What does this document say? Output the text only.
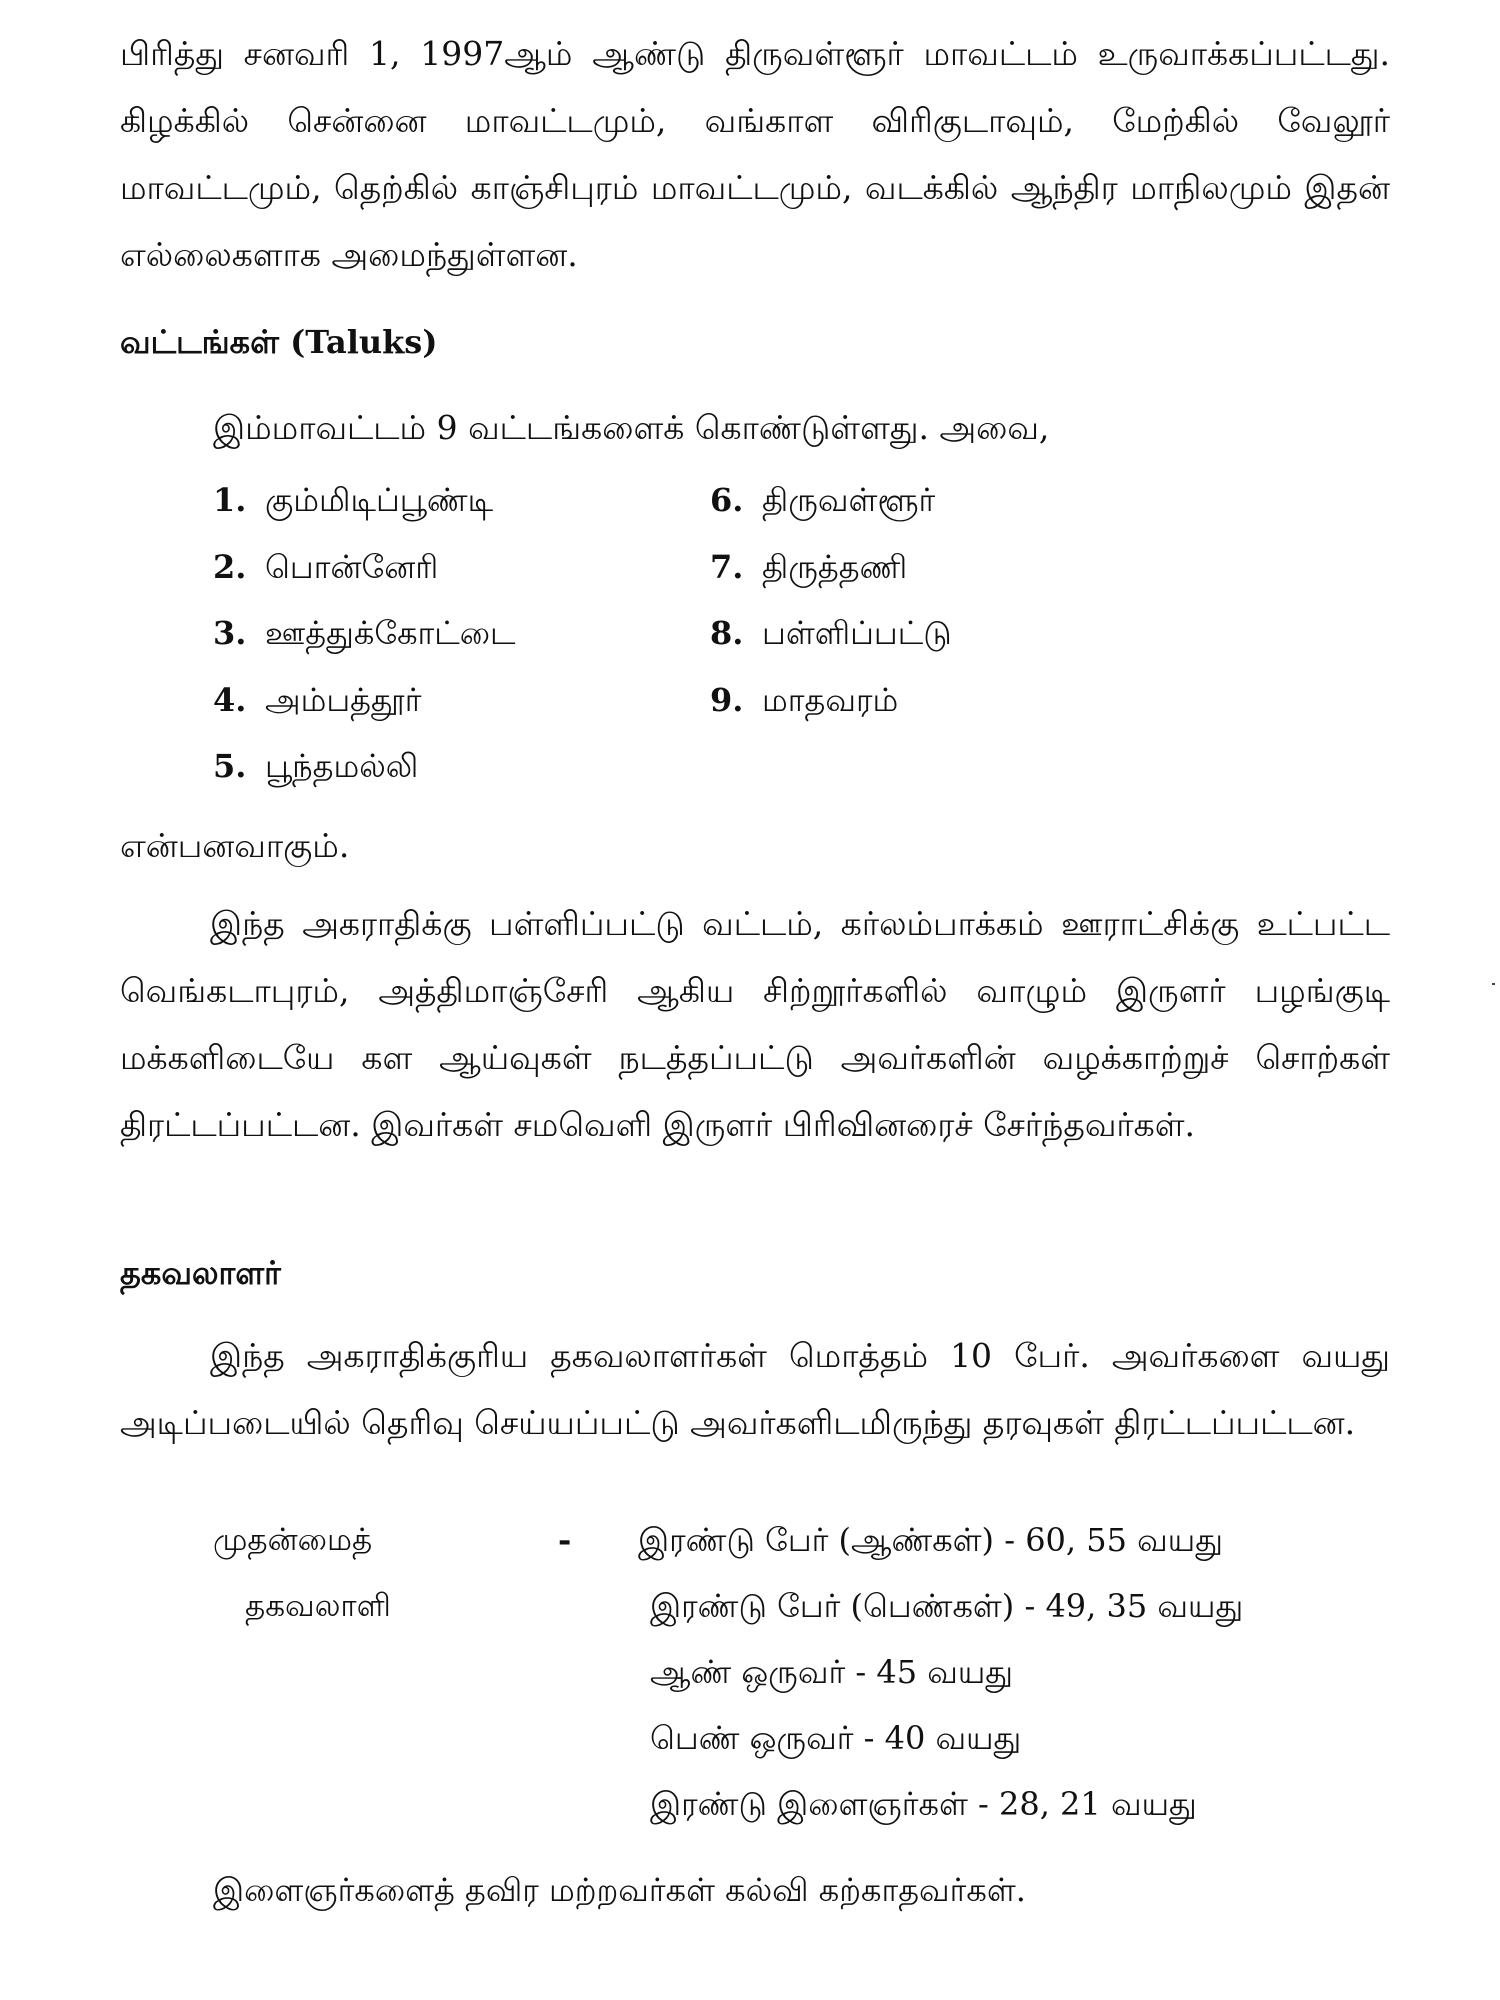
பிரித்து சனவரி 1, 1997ஆம் ஆண்டு திருவள்ளூர் மாவட்டம் உருவாக்கப்பட்டது. கிழக்கில் சென்னை மாவட்டமும், வங்காள விரிகுடாவும், மேற்கில் வேலூர் மாவட்டமும், தெற்கில் காஞ்சிபுரம் மாவட்டமும், வடக்கில் ஆந்திர மாநிலமும் இதன் எல்லைகளாக அமைந்துள்ளன.

வட்டங்கள் (Taluks)

இம்மாவட்டம் 9 வட்டங்களைக் கொண்டுள்ளது. அவை,

1. கும்மிடிப்பூண்டி
2. பொன்னேரி
3. ஊத்துக்கோட்டை
4. அம்பத்தூர்
5. பூந்தமல்லி
6. திருவள்ளூர்
7. திருத்தணி
8. பள்ளிப்பட்டு
9. மாதவரம்

என்பனவாகும்.

இந்த அகராதிக்கு பள்ளிப்பட்டு வட்டம், கர்லம்பாக்கம் ஊராட்சிக்கு உட்பட்ட வெங்கடாபுரம், அத்திமாஞ்சேரி ஆகிய சிற்றூர்களில் வாழும் இருளர் பழங்குடி மக்களிடையே கள ஆய்வுகள் நடத்தப்பட்டு அவர்களின் வழக்காற்றுச் சொற்கள் திரட்டப்பட்டன. இவர்கள் சமவெளி இருளர் பிரிவினரைச் சேர்ந்தவர்கள்.

தகவலாளர்

இந்த அகராதிக்குரிய தகவலாளர்கள் மொத்தம் 10 பேர். அவர்களை வயது அடிப்படையில் தெரிவு செய்யப்பட்டு அவர்களிடமிருந்து தரவுகள் திரட்டப்பட்டன.

முதன்மைத்
தகவலாளி
- இரண்டு பேர் (ஆண்கள்) - 60, 55 வயது
இரண்டு பேர் (பெண்கள்) - 49, 35 வயது
ஆண் ஒருவர் - 45 வயது
பெண் ஒருவர் - 40 வயது
இரண்டு இளைஞர்கள் - 28, 21 வயது
இளைஞர்களைத் தவிர மற்றவர்கள் கல்வி கற்காதவர்கள்.
